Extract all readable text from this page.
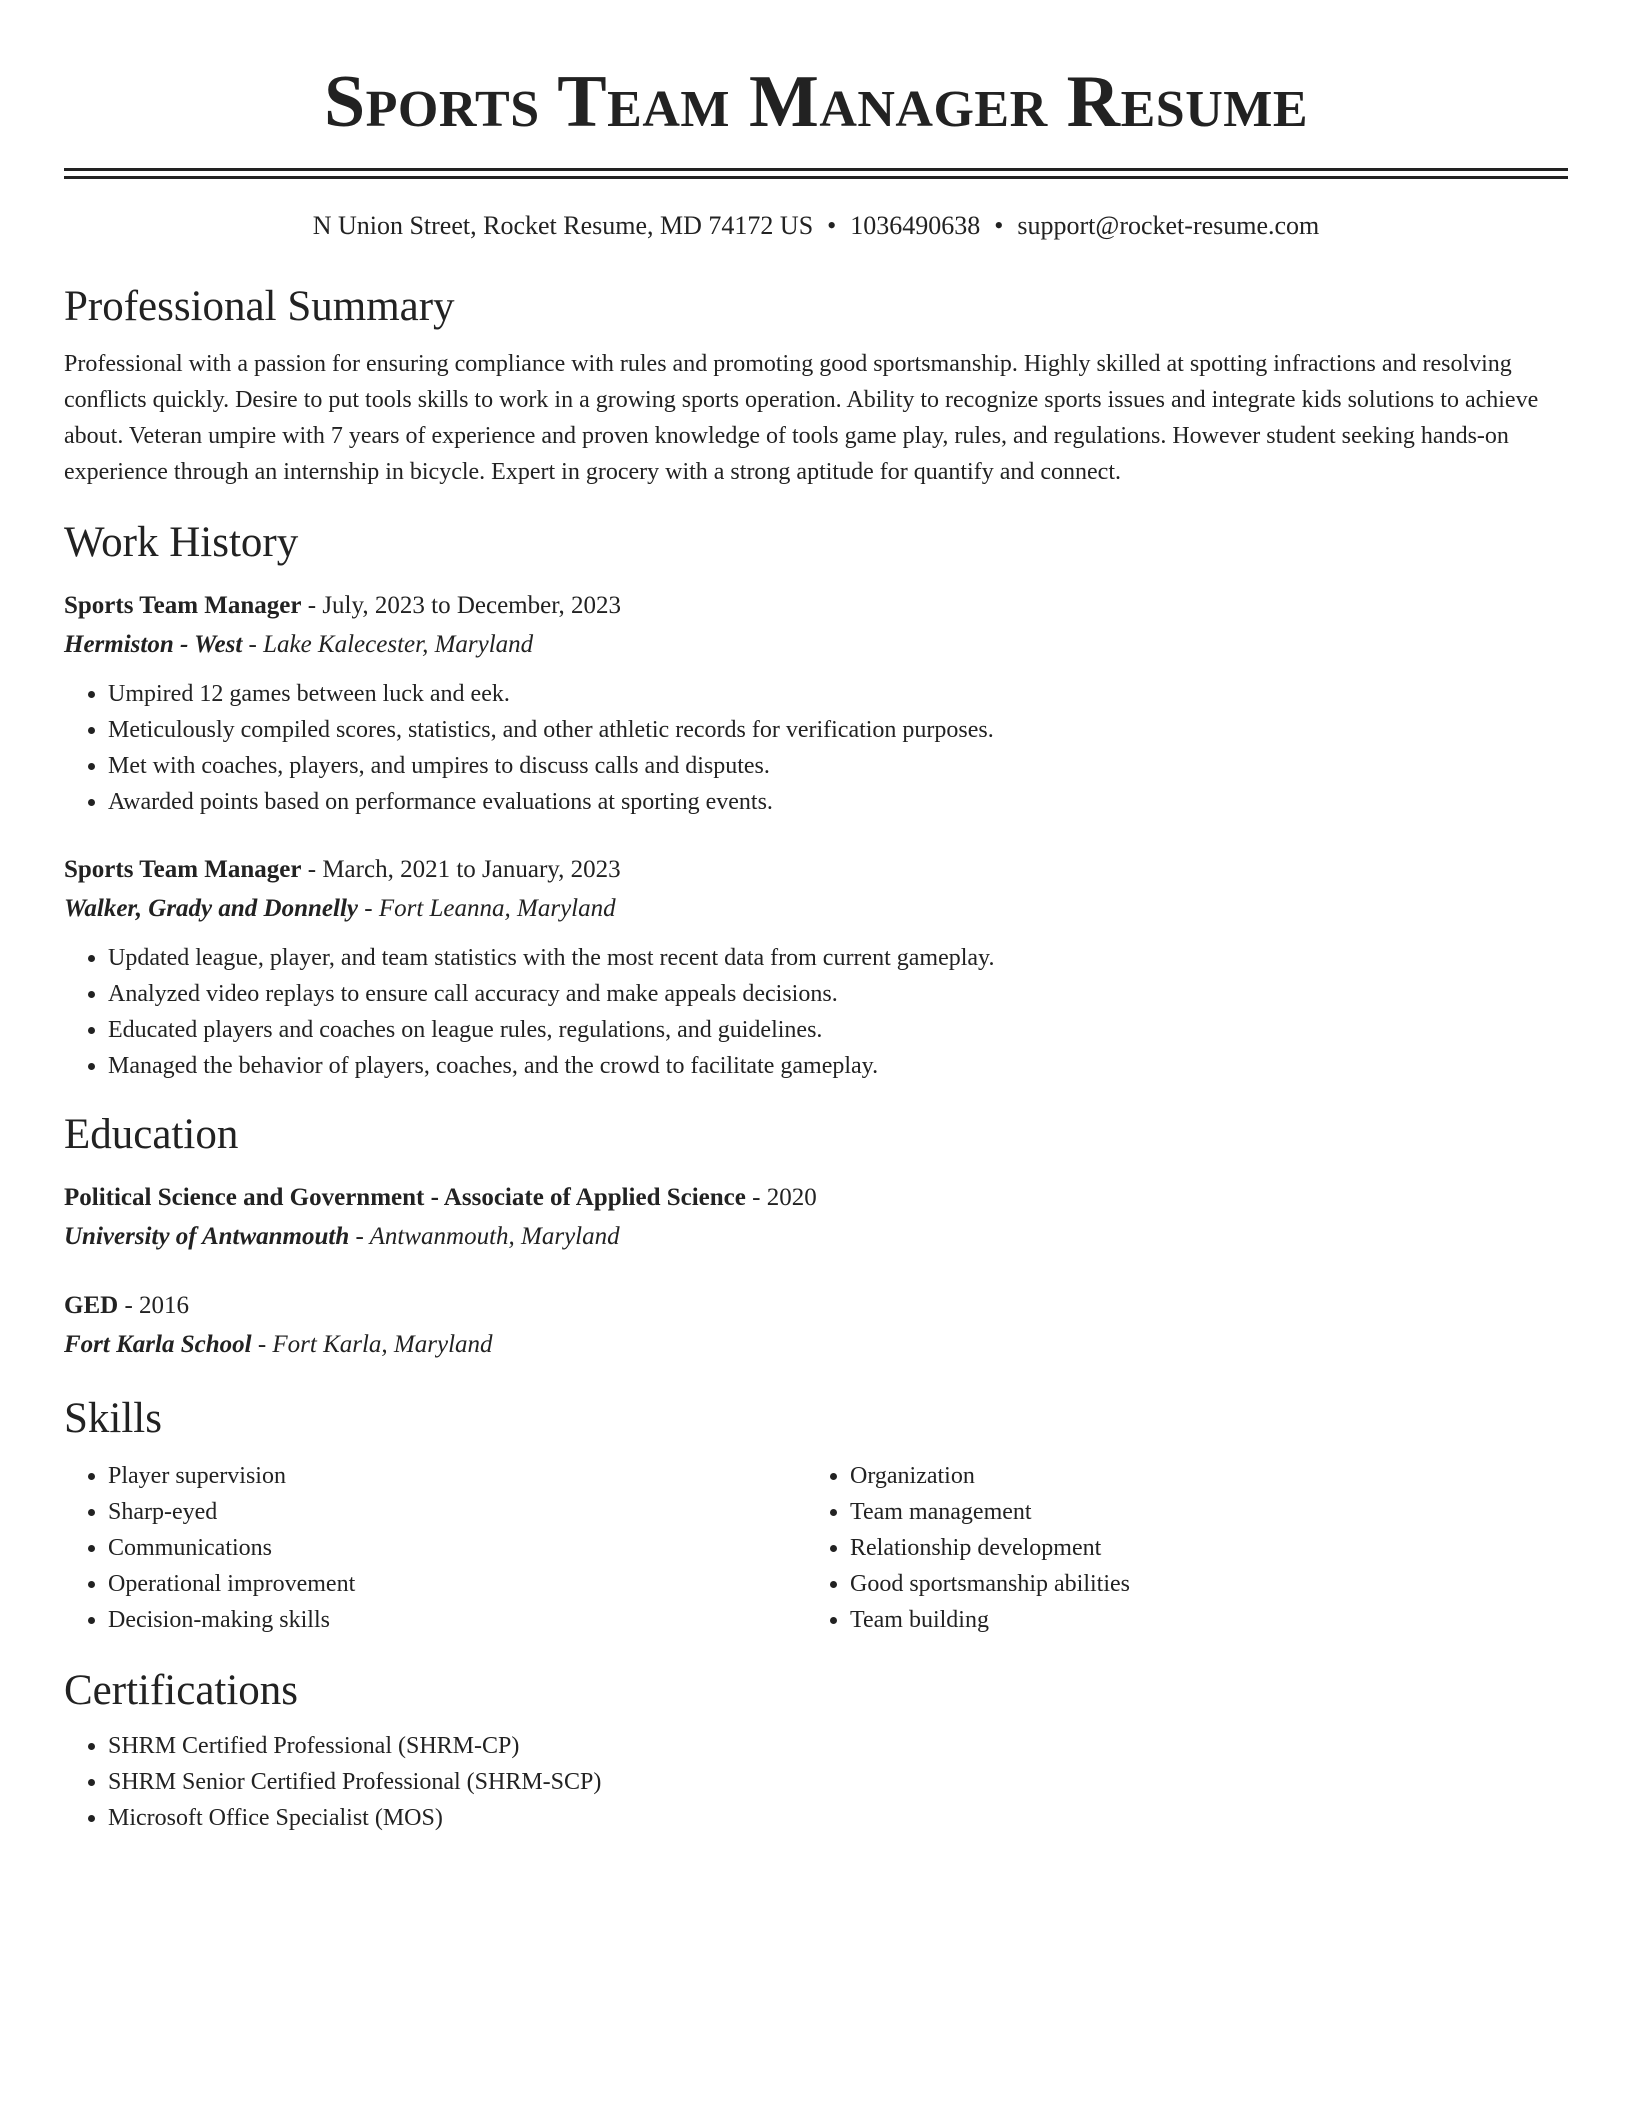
Sports Team Manager Resume
N Union Street, Rocket Resume, MD 74172 US • 1036490638 • support@rocket-resume.com
Professional Summary

Professional with a passion for ensuring compliance with rules and promoting good sportsmanship. Highly skilled at spotting infractions and resolving conflicts quickly. Desire to put tools skills to work in a growing sports operation. Ability to recognize sports issues and integrate kids solutions to achieve about. Veteran umpire with 7 years of experience and proven knowledge of tools game play, rules, and regulations. However student seeking hands-on experience through an internship in bicycle. Expert in grocery with a strong aptitude for quantify and connect.

Work History
Sports Team Manager - July, 2023 to December, 2023
Hermiston - West - Lake Kalecester, Maryland
• Umpired 12 games between luck and eek.
• Meticulously compiled scores, statistics, and other athletic records for verification purposes.
• Met with coaches, players, and umpires to discuss calls and disputes.
• Awarded points based on performance evaluations at sporting events.
Sports Team Manager - March, 2021 to January, 2023
Walker, Grady and Donnelly - Fort Leanna, Maryland
• Updated league, player, and team statistics with the most recent data from current gameplay.
• Analyzed video replays to ensure call accuracy and make appeals decisions.
• Educated players and coaches on league rules, regulations, and guidelines.
• Managed the behavior of players, coaches, and the crowd to facilitate gameplay.
Education
Political Science and Government - Associate of Applied Science - 2020
University of Antwanmouth - Antwanmouth, Maryland
GED - 2016
Fort Karla School - Fort Karla, Maryland
Skills
• Player supervision
• Sharp-eyed
• Communications
• Operational improvement
• Decision-making skills
• Organization
• Team management
• Relationship development
• Good sportsmanship abilities
• Team building
Certifications
• SHRM Certified Professional (SHRM-CP)
• SHRM Senior Certified Professional (SHRM-SCP)
• Microsoft Office Specialist (MOS)
